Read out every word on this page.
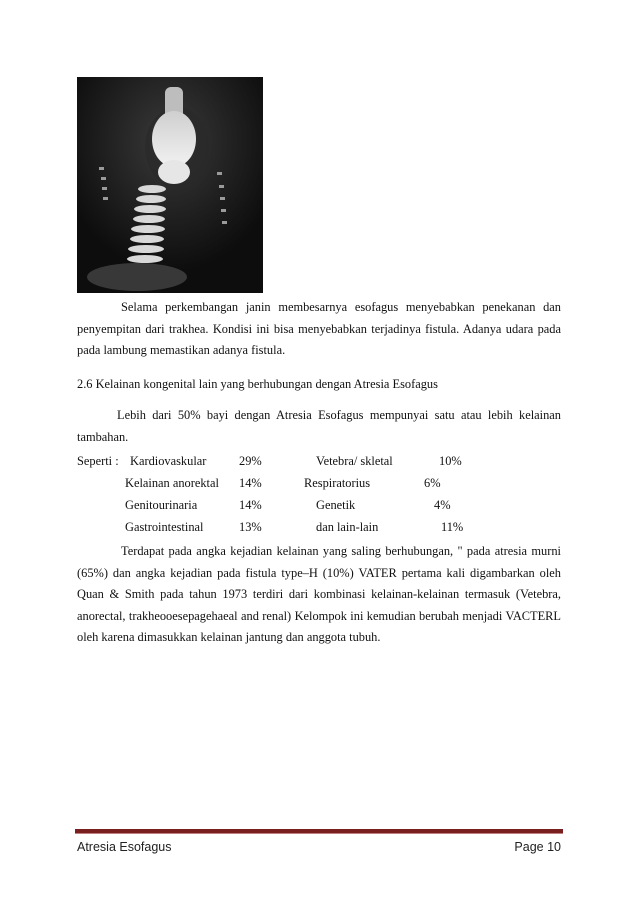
Selama perkembangan janin membesarnya esofagus menyebabkan penekanan dan penyempitan dari trakhea. Kondisi ini bisa menyebabkan terjadinya fistula. Adanya udara pada pada lambung memastikan adanya fistula.
2.6 Kelainan kongenital lain yang berhubungan dengan Atresia Esofagus
Lebih dari 50% bayi dengan Atresia Esofagus mempunyai satu atau lebih kelainan tambahan.
Seperti : Kardiovaskular	29%	Vetebra/ skletal	10%
Kelainan anorektal 14%	Respiratorius	6%
Genitourinaria	14%	Genetik	4%
Gastrointestinal	13%	dan lain-lain	11%
Terdapat pada angka kejadian kelainan yang saling berhubungan, " pada atresia murni (65%) dan angka kejadian pada fistula type–H (10%) VATER pertama kali digambarkan oleh Quan & Smith pada tahun 1973 terdiri dari kombinasi kelainan-kelainan termasuk (Vetebra, anorectal, trakheooesepagehaeal and renal) Kelompok ini kemudian berubah menjadi VACTERL oleh karena dimasukkan kelainan jantung dan anggota tubuh.
Atresia Esofagus	Page 10
